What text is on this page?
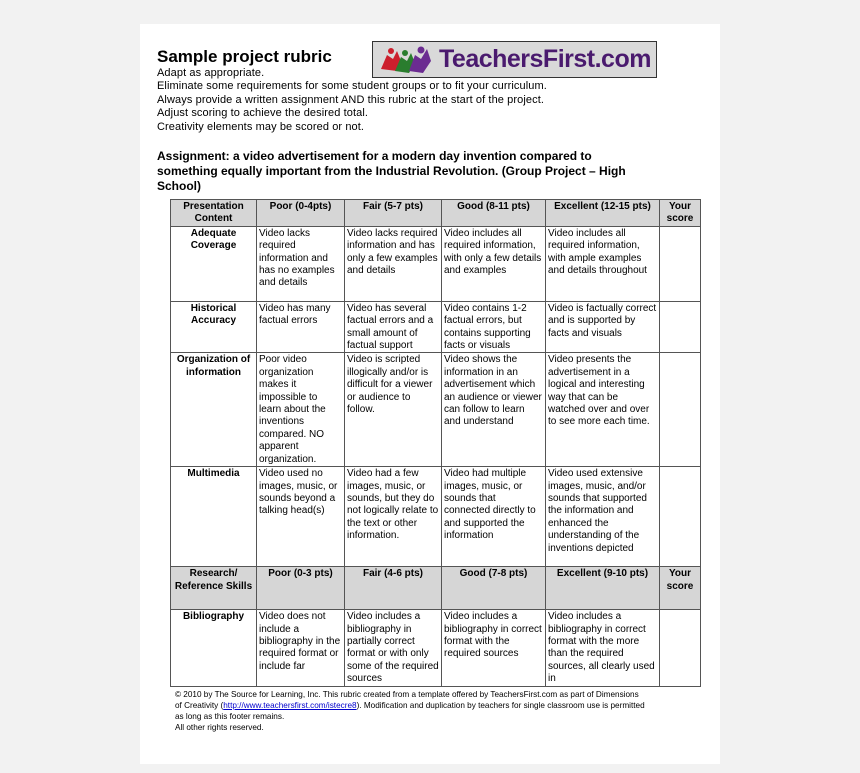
Sample project rubric
Adapt as appropriate.
Eliminate some requirements for some student groups or to fit your curriculum.
Always provide a written assignment AND this rubric at the start of the project.
Adjust scoring to achieve the desired total.
Creativity elements may be scored or not.
TeachersFirst.com
Assignment: a video advertisement for a modern day invention compared to something equally important from the Industrial Revolution. (Group Project – High School)
Presentation Content	Poor (0-4pts)	Fair (5-7 pts)	Good (8-11 pts)	Excellent (12-15 pts)	Your score
Adequate Coverage	Video lacks required information and has no examples and details	Video lacks required information and has only a few examples and details	Video includes all required information, with only a few details and examples	Video includes all required information, with ample examples and details throughout	
Historical Accuracy	Video has many factual errors	Video has several factual errors and a small amount of factual support	Video contains 1-2 factual errors, but contains supporting facts or visuals	Video is factually correct and is supported by facts and visuals	
Organization of information	Poor video organization makes it impossible to learn about the inventions compared. NO apparent organization.	Video is scripted illogically and/or is difficult for a viewer or audience to follow.	Video shows the information in an advertisement which an audience or viewer can follow to learn and understand	Video presents the advertisement in a logical and interesting way that can be watched over and over to see more each time.	
Multimedia	Video used no images, music, or sounds beyond a talking head(s)	Video had a few images, music, or sounds, but they do not logically relate to the text or other information.	Video had multiple images, music, or sounds that connected directly to and supported the information	Video used extensive images, music, and/or sounds that supported the information and enhanced the understanding of the inventions depicted	
Research/ Reference Skills	Poor (0-3 pts)	Fair (4-6 pts)	Good (7-8 pts)	Excellent (9-10 pts)	Your score
Bibliography	Video does not include a bibliography in the required format or include far	Video includes a bibliography in partially correct format or with only some of the required sources	Video includes a bibliography in correct format with the required sources	Video includes a bibliography in correct format with the more than the required sources, all clearly used in	
© 2010 by The Source for Learning, Inc. This rubric created from a template offered by TeachersFirst.com as part of Dimensions of Creativity (http://www.teachersfirst.com/istecre8). Modification and duplication by teachers for single classroom use is permitted as long as this footer remains.
All other rights reserved.
